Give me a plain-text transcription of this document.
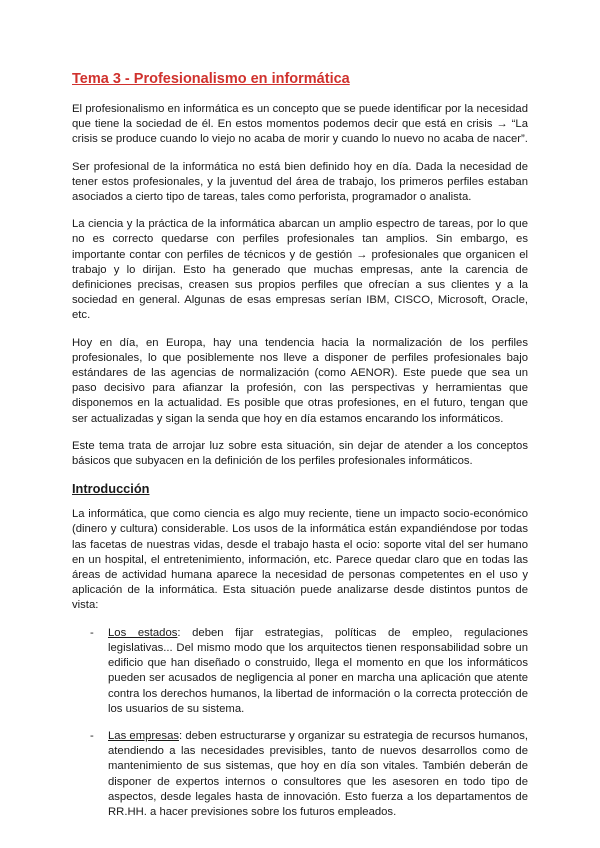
Tema 3 - Profesionalismo en informática

El profesionalismo en informática es un concepto que se puede identificar por la necesidad que tiene la sociedad de él. En estos momentos podemos decir que está en crisis → “La crisis se produce cuando lo viejo no acaba de morir y cuando lo nuevo no acaba de nacer”.

Ser profesional de la informática no está bien definido hoy en día. Dada la necesidad de tener estos profesionales, y la juventud del área de trabajo, los primeros perfiles estaban asociados a cierto tipo de tareas, tales como perforista, programador o analista.

La ciencia y la práctica de la informática abarcan un amplio espectro de tareas, por lo que no es correcto quedarse con perfiles profesionales tan amplios. Sin embargo, es importante contar con perfiles de técnicos y de gestión → profesionales que organicen el trabajo y lo dirijan. Esto ha generado que muchas empresas, ante la carencia de definiciones precisas, creasen sus propios perfiles que ofrecían a sus clientes y a la sociedad en general. Algunas de esas empresas serían IBM, CISCO, Microsoft, Oracle, etc.

Hoy en día, en Europa, hay una tendencia hacia la normalización de los perfiles profesionales, lo que posiblemente nos lleve a disponer de perfiles profesionales bajo estándares de las agencias de normalización (como AENOR). Este puede que sea un paso decisivo para afianzar la profesión, con las perspectivas y herramientas que disponemos en la actualidad. Es posible que otras profesiones, en el futuro, tengan que ser actualizadas y sigan la senda que hoy en día estamos encarando los informáticos.

Este tema trata de arrojar luz sobre esta situación, sin dejar de atender a los conceptos básicos que subyacen en la definición de los perfiles profesionales informáticos.

Introducción

La informática, que como ciencia es algo muy reciente, tiene un impacto socio-económico (dinero y cultura) considerable. Los usos de la informática están expandiéndose por todas las facetas de nuestras vidas, desde el trabajo hasta el ocio: soporte vital del ser humano en un hospital, el entretenimiento, información, etc. Parece quedar claro que en todas las áreas de actividad humana aparece la necesidad de personas competentes en el uso y aplicación de la informática. Esta situación puede analizarse desde distintos puntos de vista:

- Los estados: deben fijar estrategias, políticas de empleo, regulaciones legislativas... Del mismo modo que los arquitectos tienen responsabilidad sobre un edificio que han diseñado o construido, llega el momento en que los informáticos pueden ser acusados de negligencia al poner en marcha una aplicación que atente contra los derechos humanos, la libertad de información o la correcta protección de los usuarios de su sistema.
- Las empresas: deben estructurarse y organizar su estrategia de recursos humanos, atendiendo a las necesidades previsibles, tanto de nuevos desarrollos como de mantenimiento de sus sistemas, que hoy en día son vitales. También deberán de disponer de expertos internos o consultores que les asesoren en todo tipo de aspectos, desde legales hasta de innovación. Esto fuerza a los departamentos de RR.HH. a hacer previsiones sobre los futuros empleados.
